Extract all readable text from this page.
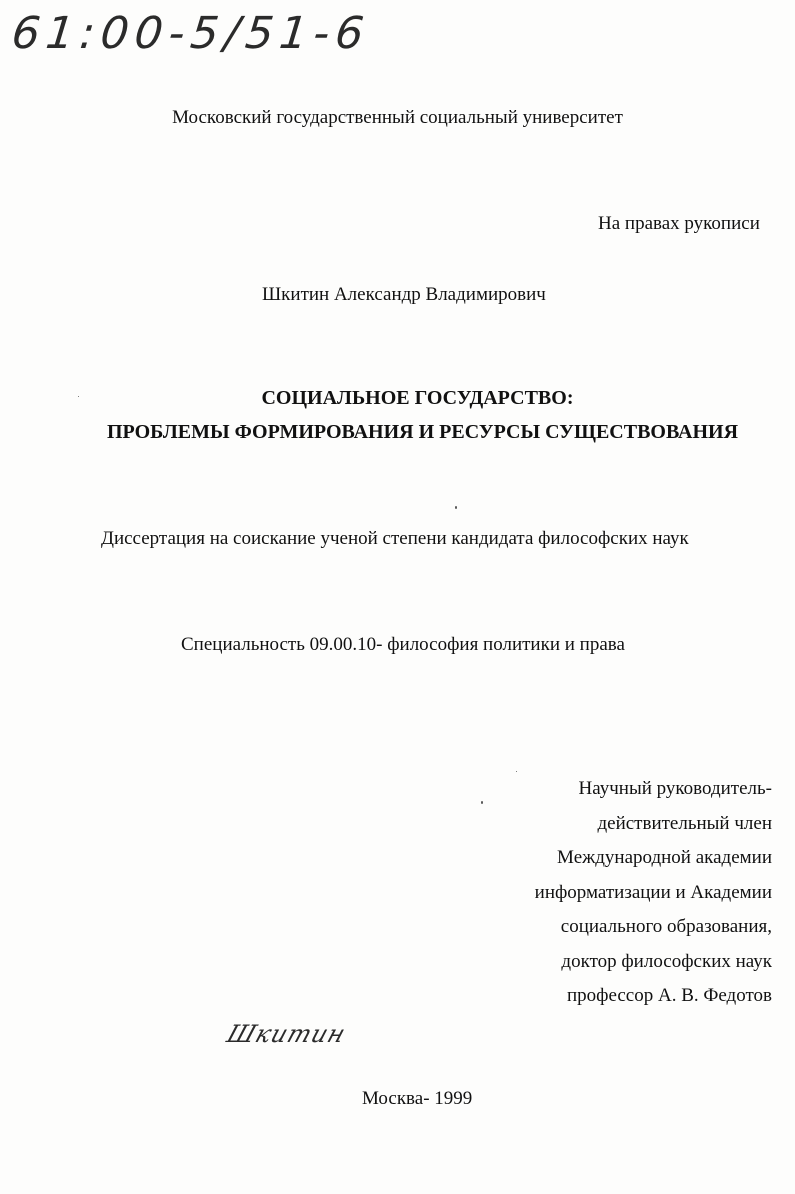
61:00-5/51-6
Московский государственный социальный университет
На правах рукописи
Шкитин Александр Владимирович
СОЦИАЛЬНОЕ ГОСУДАРСТВО:
ПРОБЛЕМЫ ФОРМИРОВАНИЯ И РЕСУРСЫ СУЩЕСТВОВАНИЯ
Диссертация на соискание ученой степени кандидата философских наук
Специальность 09.00.10- философия политики и права
Научный руководитель-
действительный член
Международной академии
информатизации и Академии
социального образования,
доктор философских наук
профессор А. В. Федотов
Шкитин
Москва- 1999
